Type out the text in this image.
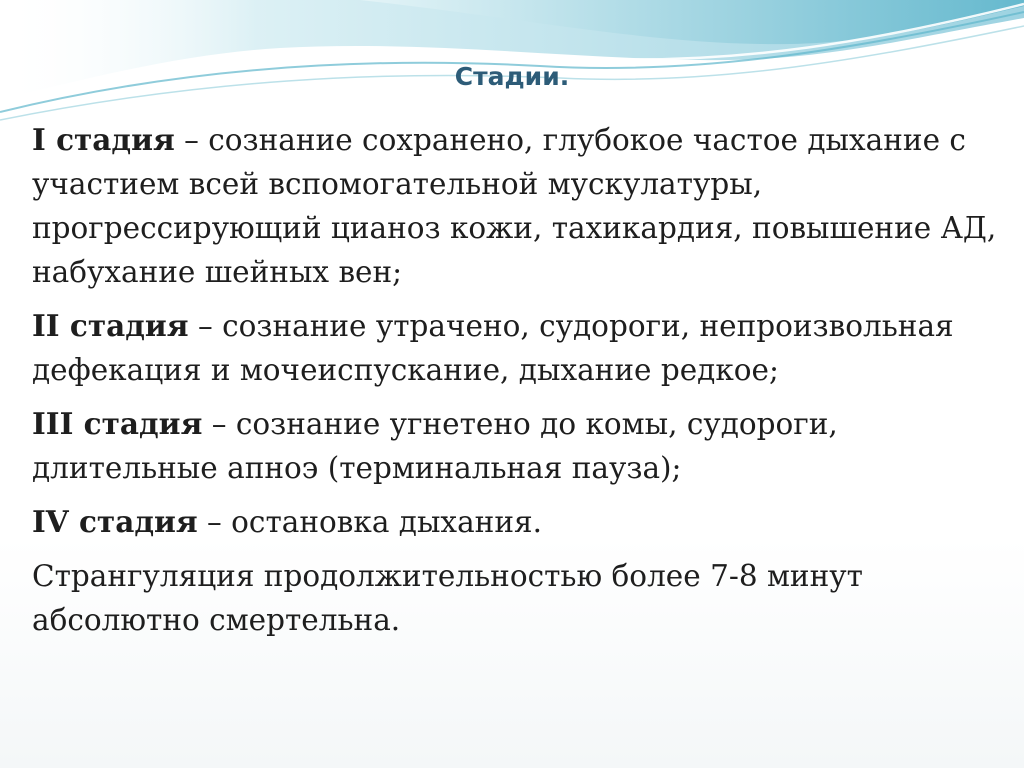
Стадии.

I стадия – сознание сохранено, глубокое частое дыхание с участием всей вспомогательной мускулатуры, прогрессирующий цианоз кожи, тахикардия, повышение АД, набухание шейных вен;

II стадия – сознание утрачено, судороги, непроизвольная дефекация и мочеиспускание, дыхание редкое;

III стадия – сознание угнетено до комы, судороги, длительные апноэ (терминальная пауза);

IV стадия – остановка дыхания.

Странгуляция продолжительностью более 7-8 минут абсолютно смертельна.
